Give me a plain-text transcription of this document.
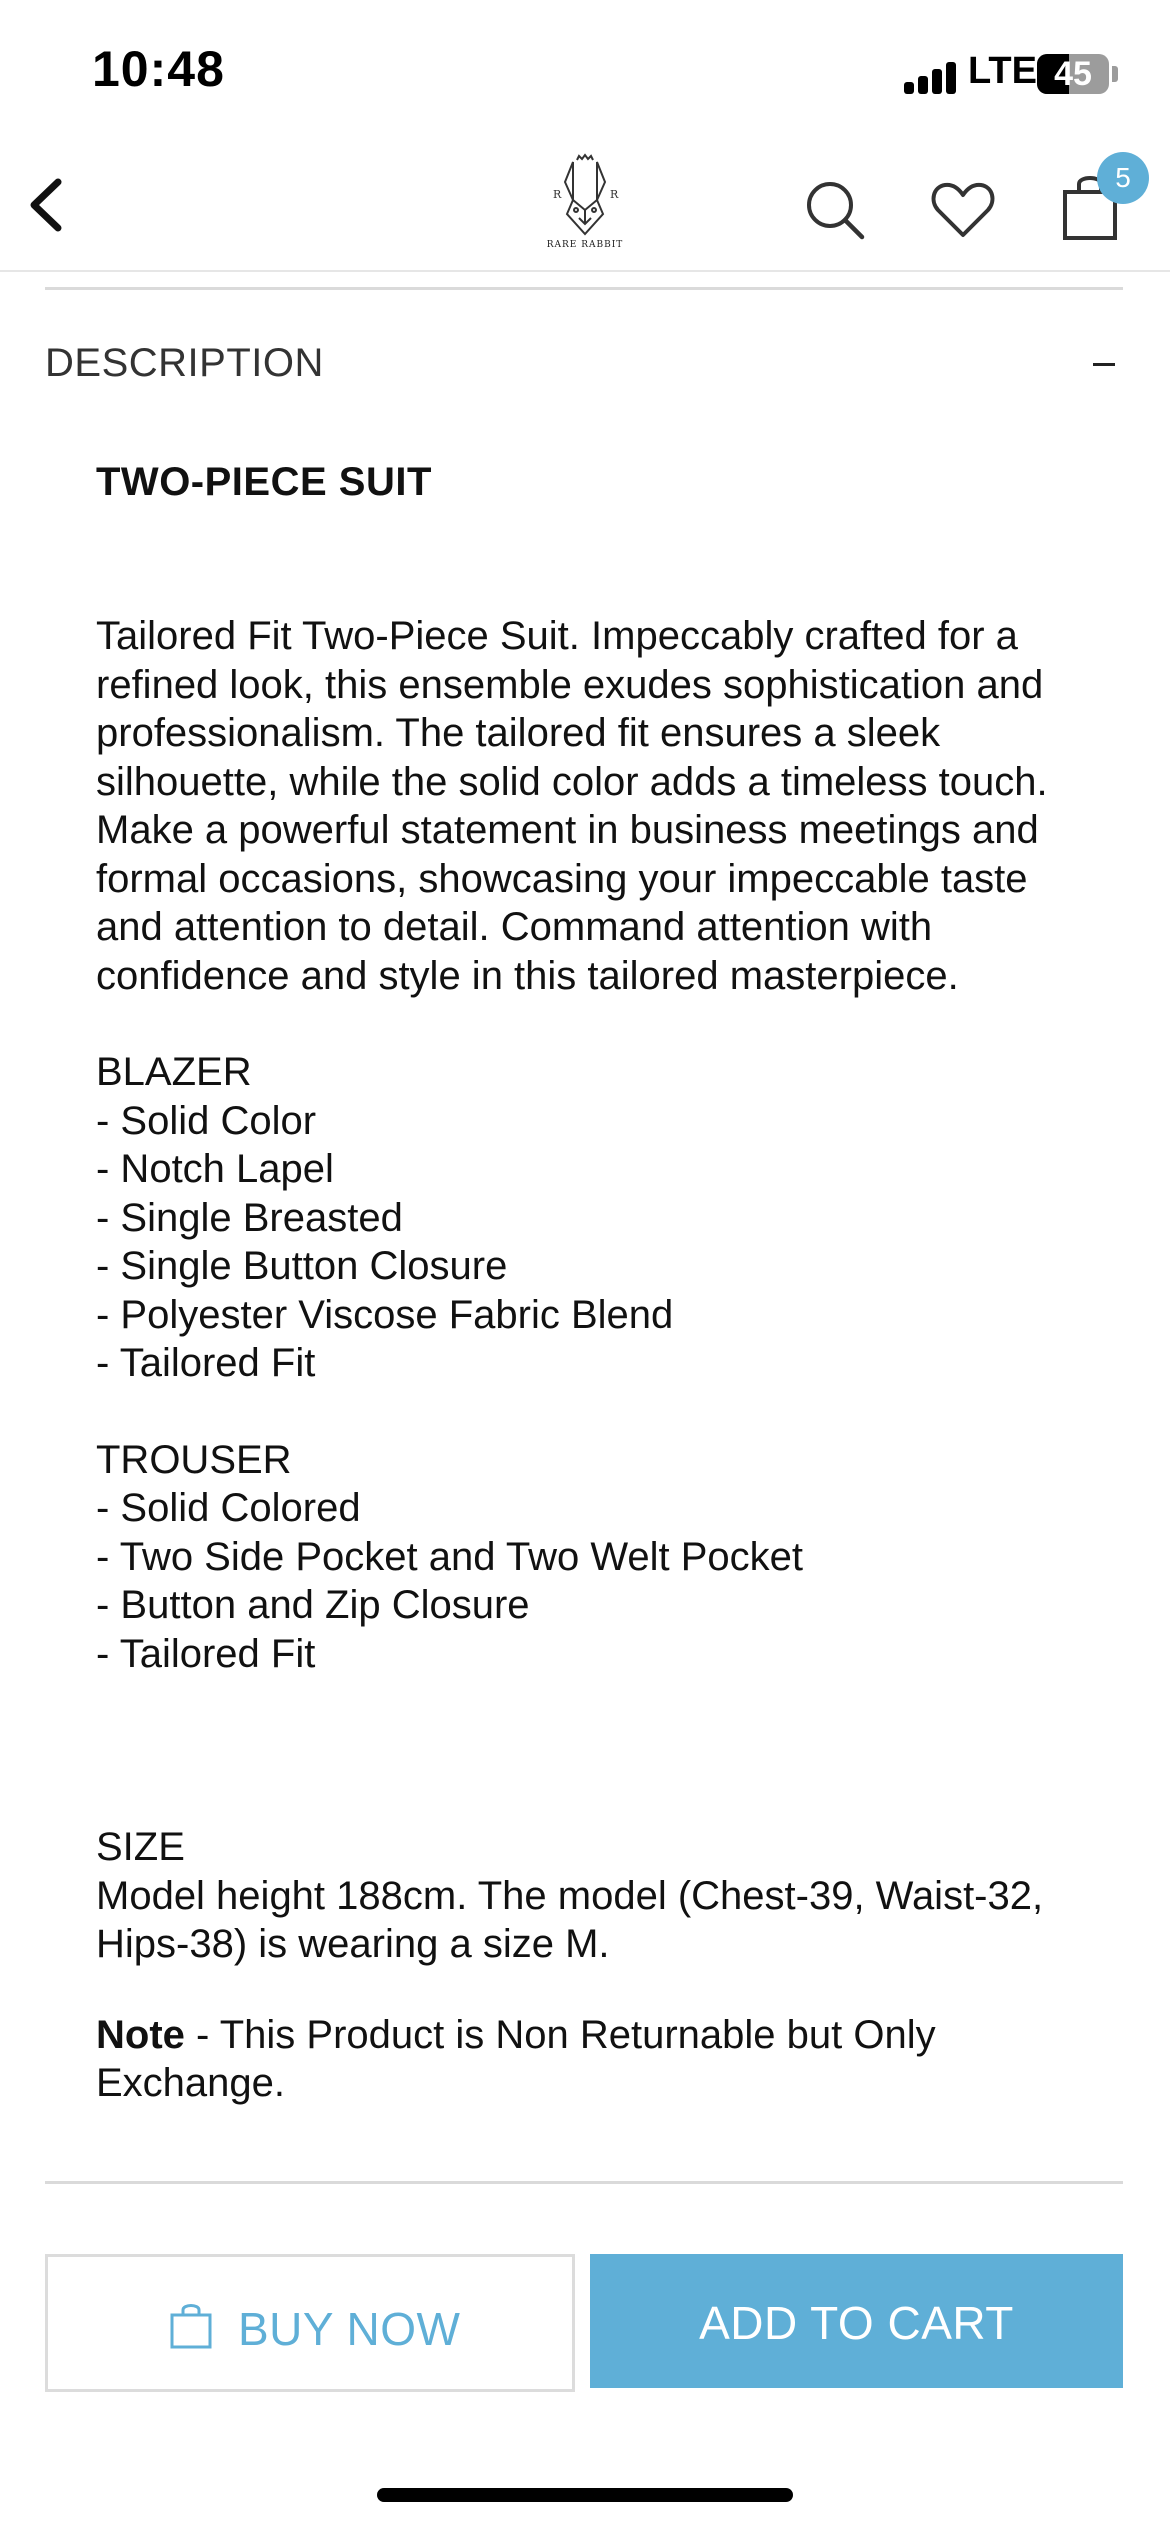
10:48	LTE 45
R	R
RARE RABBIT
5
DESCRIPTION
TWO-PIECE SUIT

Tailored Fit Two-Piece Suit. Impeccably crafted for a refined look, this ensemble exudes sophistication and professionalism. The tailored fit ensures a sleek silhouette, while the solid color adds a timeless touch. Make a powerful statement in business meetings and formal occasions, showcasing your impeccable taste and attention to detail. Command attention with confidence and style in this tailored masterpiece.

BLAZER
- Solid Color
- Notch Lapel
- Single Breasted
- Single Button Closure
- Polyester Viscose Fabric Blend
- Tailored Fit
TROUSER
- Solid Colored
- Two Side Pocket and Two Welt Pocket
- Button and Zip Closure
- Tailored Fit
SIZE
Model height 188cm. The model (Chest-39, Waist-32, Hips-38) is wearing a size M.
Note - This Product is Non Returnable but Only Exchange.
BUY NOW	ADD TO CART
